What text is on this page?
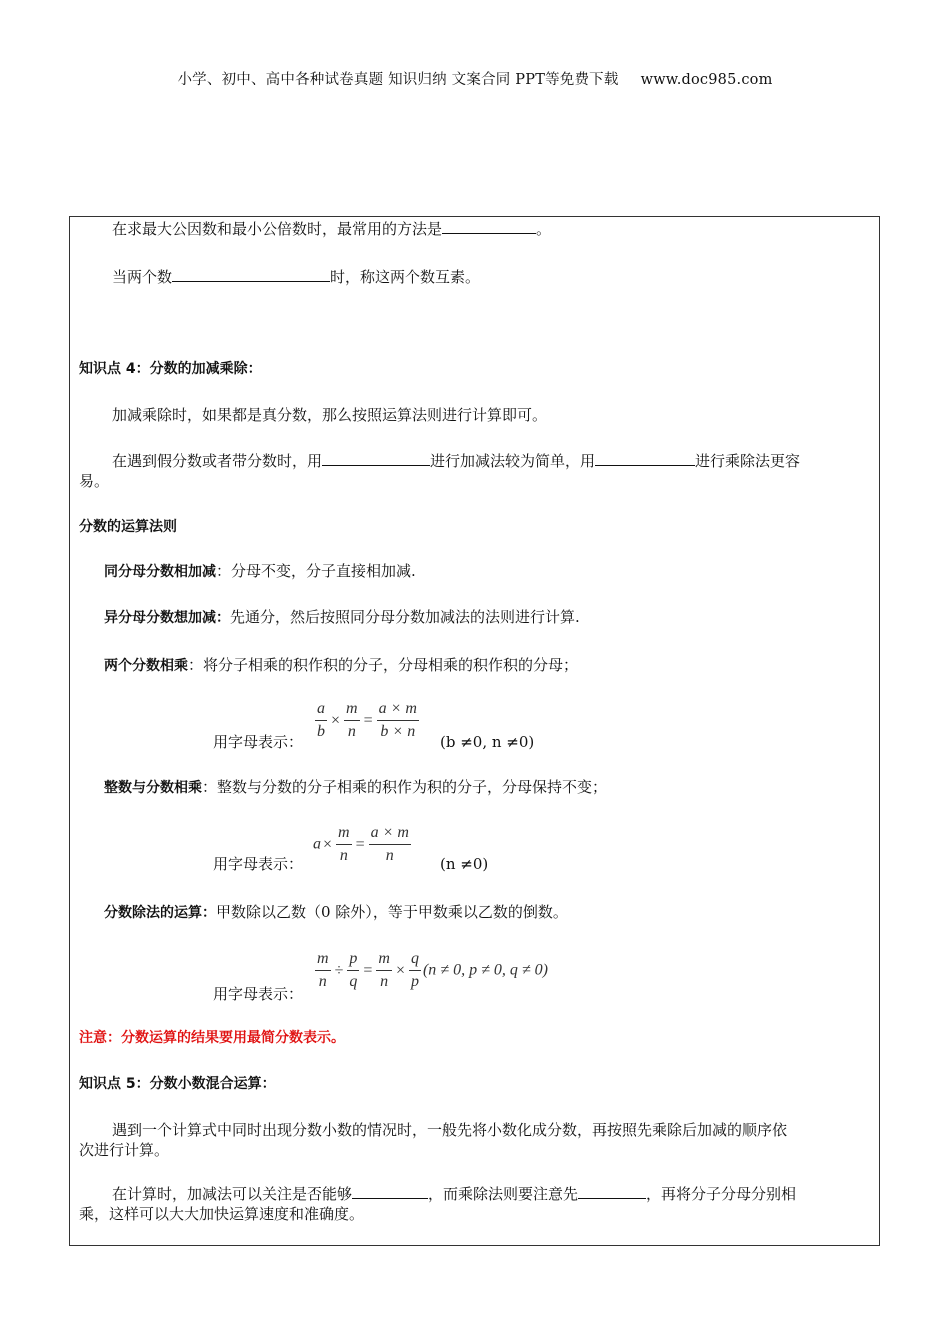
小学、初中、高中各种试卷真题 知识归纳 文案合同 PPT等免费下载 www.doc985.com
在求最大公因数和最小公倍数时，最常用的方法是	。
当两个数	时，称这两个数互素。
知识点 4：分数的加减乘除：
加减乘除时，如果都是真分数，那么按照运算法则进行计算即可。
在遇到假分数或者带分数时，用	进行加减法较为简单，用	进行乘除法更容
易。
分数的运算法则
同分母分数相加减：分母不变，分子直接相加减.
异分母分数想加减：先通分，然后按照同分母分数加减法的法则进行计算.
两个分数相乘：将分子相乘的积作积的分子，分母相乘的积作积的分母；
用字母表示：
$\frac{a}{b} \times \frac{m}{n} = \frac{a \times m}{b \times n}$
(b ≠0, n ≠0)
整数与分数相乘：整数与分数的分子相乘的积作为积的分子，分母保持不变；
用字母表示：
$a \times \frac{m}{n} = \frac{a \times m}{n} (n \ne 0)$
分数除法的运算：甲数除以乙数（0 除外），等于甲数乘以乙数的倒数。
用字母表示：
$\frac{m}{n} \div \frac{p}{q} = \frac{m}{n} \times \frac{q}{p} (n \ne 0$, p ≠ 0, q ≠ 0)
注意：分数运算的结果要用最简分数表示。
知识点 5：分数小数混合运算：
遇到一个计算式中同时出现分数小数的情况时，一般先将小数化成分数，再按照先乘除后加减的顺序依
次进行计算。
在计算时，加减法可以关注是否能够	，而乘除法则要注意先	，再将分子分母分别相
乘，这样可以大大加快运算速度和准确度。
